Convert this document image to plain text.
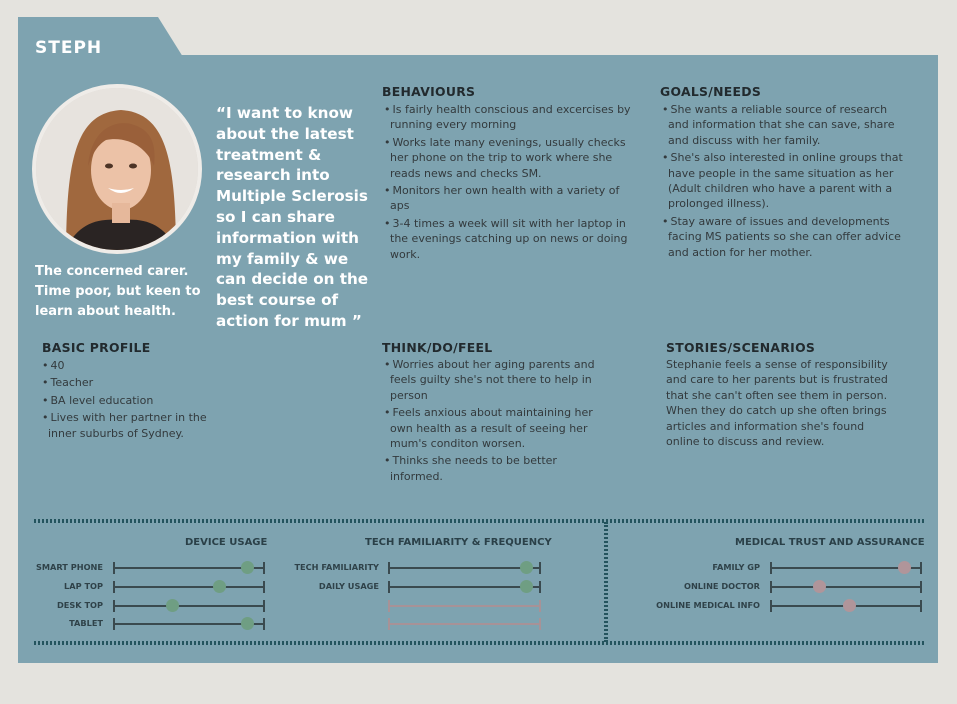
STEPH
The concerned carer. Time poor, but keen to learn about health.
“I want to know about the latest treatment & research into Multiple Sclerosis so I can share information with my family & we can decide on the best course of action for mum ”
BASIC PROFILE
• 40
• Teacher
• BA level education
• Lives with her partner in the inner suburbs of Sydney.
BEHAVIOURS
• Is fairly health conscious and excercises by running every morning
• Works late many evenings, usually checks her phone on the trip to work where she reads news and checks SM.
• Monitors her own health with a variety of aps
• 3-4 times a week will sit with her laptop in the evenings catching up on news or doing work.
GOALS/NEEDS
• She wants a reliable source of research and information that she can save, share and discuss with her family.
• She's also interested in online groups that have people in the same situation as her (Adult children who have a parent with a prolonged illness).
• Stay aware of issues and developments facing MS patients so she can offer advice and action for her mother.
THINK/DO/FEEL
• Worries about her aging parents and feels guilty she's not there to help in person
• Feels anxious about maintaining her own health as a result of seeing her mum's conditon worsen.
• Thinks she needs to be better informed.
STORIES/SCENARIOS
Stephanie feels a sense of responsibility and care to her parents but is frustrated that she can't often see them in person. When they do catch up she often brings articles and information she's found online to discuss and review.
DEVICE USAGE	TECH FAMILIARITY & FREQUENCY	MEDICAL TRUST AND ASSURANCE
SMART PHONE
LAP TOP
DESK TOP
TABLET
TECH FAMILIARITY
DAILY USAGE
FAMILY GP
ONLINE DOCTOR
ONLINE MEDICAL INFO
